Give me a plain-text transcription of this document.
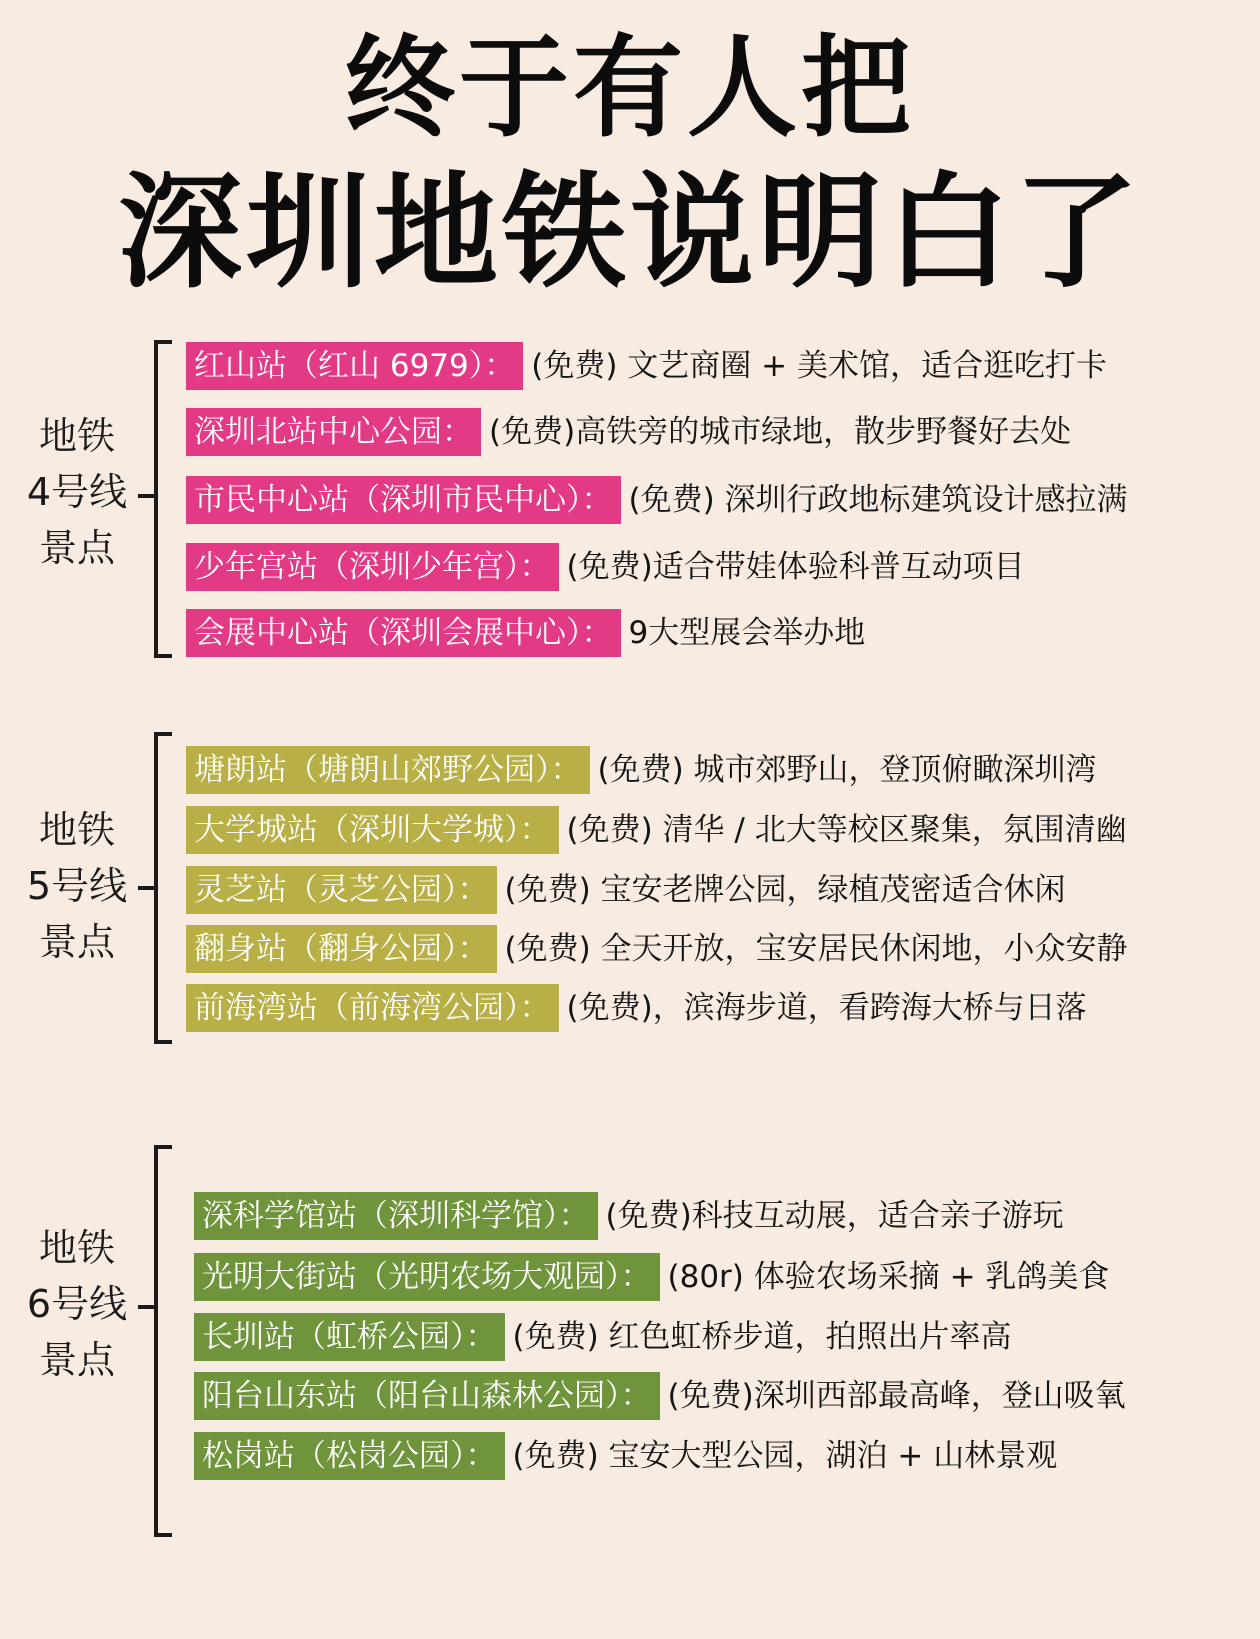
终于有人把
深圳地铁说明白了
地铁
4号线
景点
红山站（红山 6979）： (免费) 文艺商圈 + 美术馆，适合逛吃打卡
深圳北站中心公园： (免费)高铁旁的城市绿地，散步野餐好去处
市民中心站（深圳市民中心）： (免费) 深圳行政地标建筑设计感拉满
少年宫站（深圳少年宫）： (免费)适合带娃体验科普互动项目
会展中心站（深圳会展中心）： 9大型展会举办地
地铁
5号线
景点
塘朗站（塘朗山郊野公园）： (免费) 城市郊野山，登顶俯瞰深圳湾
大学城站（深圳大学城）： (免费) 清华 / 北大等校区聚集，氛围清幽
灵芝站（灵芝公园）： (免费) 宝安老牌公园，绿植茂密适合休闲
翻身站（翻身公园）： (免费) 全天开放，宝安居民休闲地，小众安静
前海湾站（前海湾公园）： (免费)，滨海步道，看跨海大桥与日落
地铁
6号线
景点
深科学馆站（深圳科学馆）： (免费)科技互动展，适合亲子游玩
光明大街站（光明农场大观园）： (80r) 体验农场采摘 + 乳鸽美食
长圳站（虹桥公园）： (免费) 红色虹桥步道，拍照出片率高
阳台山东站（阳台山森林公园）： (免费)深圳西部最高峰，登山吸氧
松岗站（松岗公园）： (免费) 宝安大型公园，湖泊 + 山林景观
